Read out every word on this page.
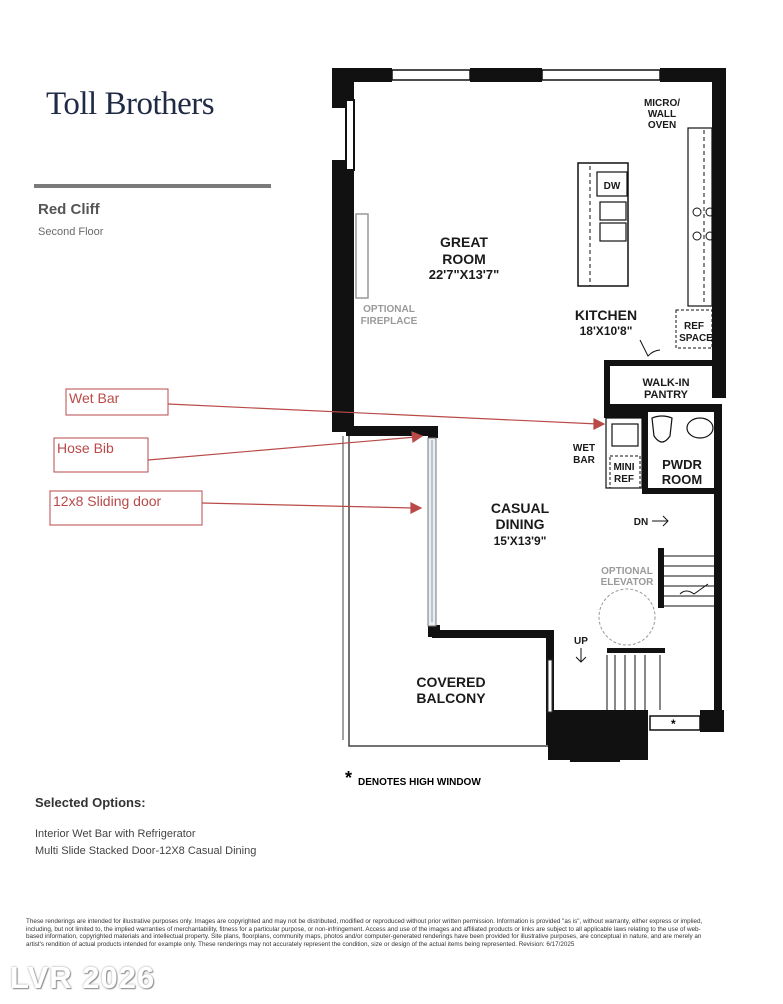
Toll Brothers
Red Cliff
Second Floor
*
GREAT
ROOM
22'7"X13'7"
KITCHEN
18'X10'8"
CASUAL
DINING
15'X13'9"
COVERED
BALCONY
WALK-IN
PANTRY
PWDR
ROOM
MICRO/
WALL
OVEN
DW
REF
SPACE
WET
BAR
MINI
REF
DN
UP
OPTIONAL
FIREPLACE
OPTIONAL
ELEVATOR
* DENOTES HIGH WINDOW
Wet Bar
Hose Bib
12x8 Sliding door
Selected Options:
Interior Wet Bar with Refrigerator
Multi Slide Stacked Door-12X8 Casual Dining
These renderings are intended for illustrative purposes only. Images are copyrighted and may not be distributed, modified or reproduced without prior written permission. Information is provided "as is", without warranty, either express or implied, including, but not limited to, the implied warranties of merchantability, fitness for a particular purpose, or non-infringement. Access and use of the images and affiliated products or links are subject to all applicable laws relating to the use of web-based information, copyrighted materials and intellectual property. Site plans, floorplans, community maps, photos and/or computer-generated renderings have been provided for illustrative purposes, are conceptual in nature, and are merely an artist's rendition of actual products intended for example only. These renderings may not accurately represent the condition, size or design of the actual items being represented. Revision: 6/17/2025
LVR 2026
